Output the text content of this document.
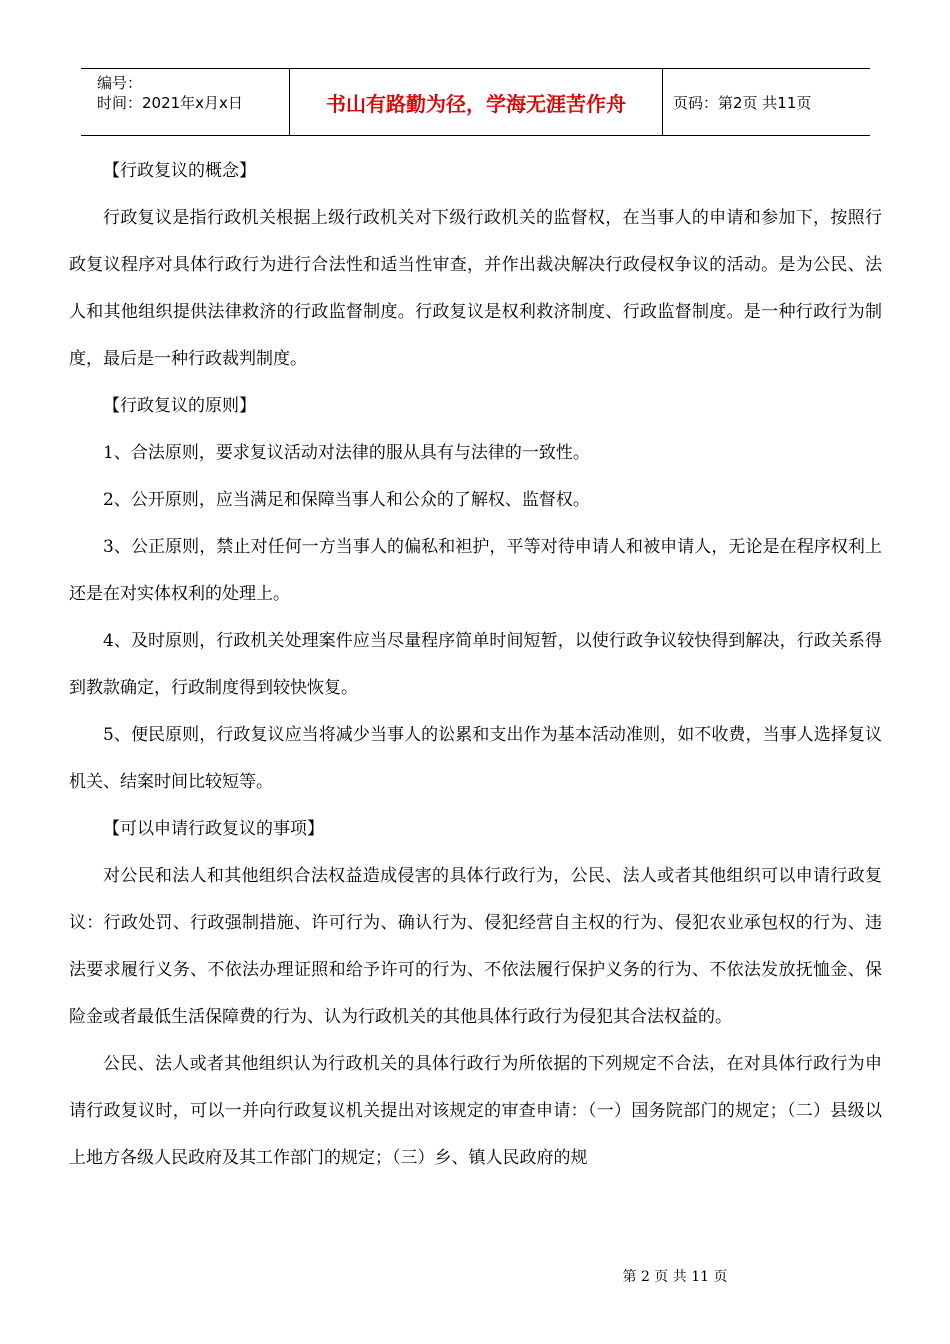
编号：
时间：2021年x月x日	书山有路勤为径，学海无涯苦作舟	页码：第2页 共11页

【行政复议的概念】

行政复议是指行政机关根据上级行政机关对下级行政机关的监督权，在当事人的申请和参加下，按照行政复议程序对具体行政行为进行合法性和适当性审查，并作出裁决解决行政侵权争议的活动。是为公民、法人和其他组织提供法律救济的行政监督制度。行政复议是权利救济制度、行政监督制度。是一种行政行为制度，最后是一种行政裁判制度。

【行政复议的原则】

1、合法原则，要求复议活动对法律的服从具有与法律的一致性。

2、公开原则，应当满足和保障当事人和公众的了解权、监督权。

3、公正原则，禁止对任何一方当事人的偏私和袒护，平等对待申请人和被申请人，无论是在程序权利上还是在对实体权利的处理上。

4、及时原则，行政机关处理案件应当尽量程序简单时间短暂，以使行政争议较快得到解决，行政关系得到教款确定，行政制度得到较快恢复。

5、便民原则，行政复议应当将减少当事人的讼累和支出作为基本活动准则，如不收费，当事人选择复议机关、结案时间比较短等。

【可以申请行政复议的事项】

对公民和法人和其他组织合法权益造成侵害的具体行政行为，公民、法人或者其他组织可以申请行政复议：行政处罚、行政强制措施、许可行为、确认行为、侵犯经营自主权的行为、侵犯农业承包权的行为、违法要求履行义务、不依法办理证照和给予许可的行为、不依法履行保护义务的行为、不依法发放抚恤金、保险金或者最低生活保障费的行为、认为行政机关的其他具体行政行为侵犯其合法权益的。

公民、法人或者其他组织认为行政机关的具体行政行为所依据的下列规定不合法，在对具体行政行为申请行政复议时，可以一并向行政复议机关提出对该规定的审查申请：（一）国务院部门的规定；（二）县级以上地方各级人民政府及其工作部门的规定；（三）乡、镇人民政府的规

第 2 页 共 11 页
